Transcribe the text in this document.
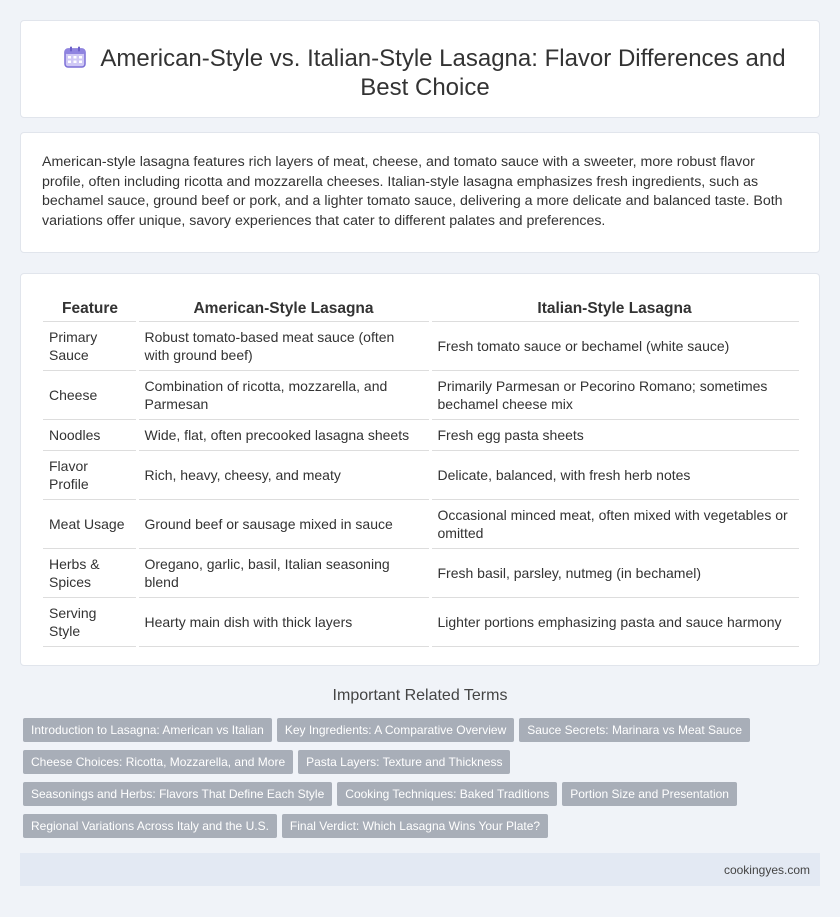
American-Style vs. Italian-Style Lasagna: Flavor Differences and Best Choice

American-style lasagna features rich layers of meat, cheese, and tomato sauce with a sweeter, more robust flavor profile, often including ricotta and mozzarella cheeses. Italian-style lasagna emphasizes fresh ingredients, such as bechamel sauce, ground beef or pork, and a lighter tomato sauce, delivering a more delicate and balanced taste. Both variations offer unique, savory experiences that cater to different palates and preferences.

Feature	American-Style Lasagna	Italian-Style Lasagna
Primary Sauce	Robust tomato-based meat sauce (often with ground beef)	Fresh tomato sauce or bechamel (white sauce)
Cheese	Combination of ricotta, mozzarella, and Parmesan	Primarily Parmesan or Pecorino Romano; sometimes bechamel cheese mix
Noodles	Wide, flat, often precooked lasagna sheets	Fresh egg pasta sheets
Flavor Profile	Rich, heavy, cheesy, and meaty	Delicate, balanced, with fresh herb notes
Meat Usage	Ground beef or sausage mixed in sauce	Occasional minced meat, often mixed with vegetables or omitted
Herbs & Spices	Oregano, garlic, basil, Italian seasoning blend	Fresh basil, parsley, nutmeg (in bechamel)
Serving Style	Hearty main dish with thick layers	Lighter portions emphasizing pasta and sauce harmony
Important Related Terms
Introduction to Lasagna: American vs Italian Key Ingredients: A Comparative Overview Sauce Secrets: Marinara vs Meat SauceCheese Choices: Ricotta, Mozzarella, and More Pasta Layers: Texture and ThicknessSeasonings and Herbs: Flavors That Define Each Style Cooking Techniques: Baked Traditions Portion Size and PresentationRegional Variations Across Italy and the U.S. Final Verdict: Which Lasagna Wins Your Plate?
cookingyes.com
